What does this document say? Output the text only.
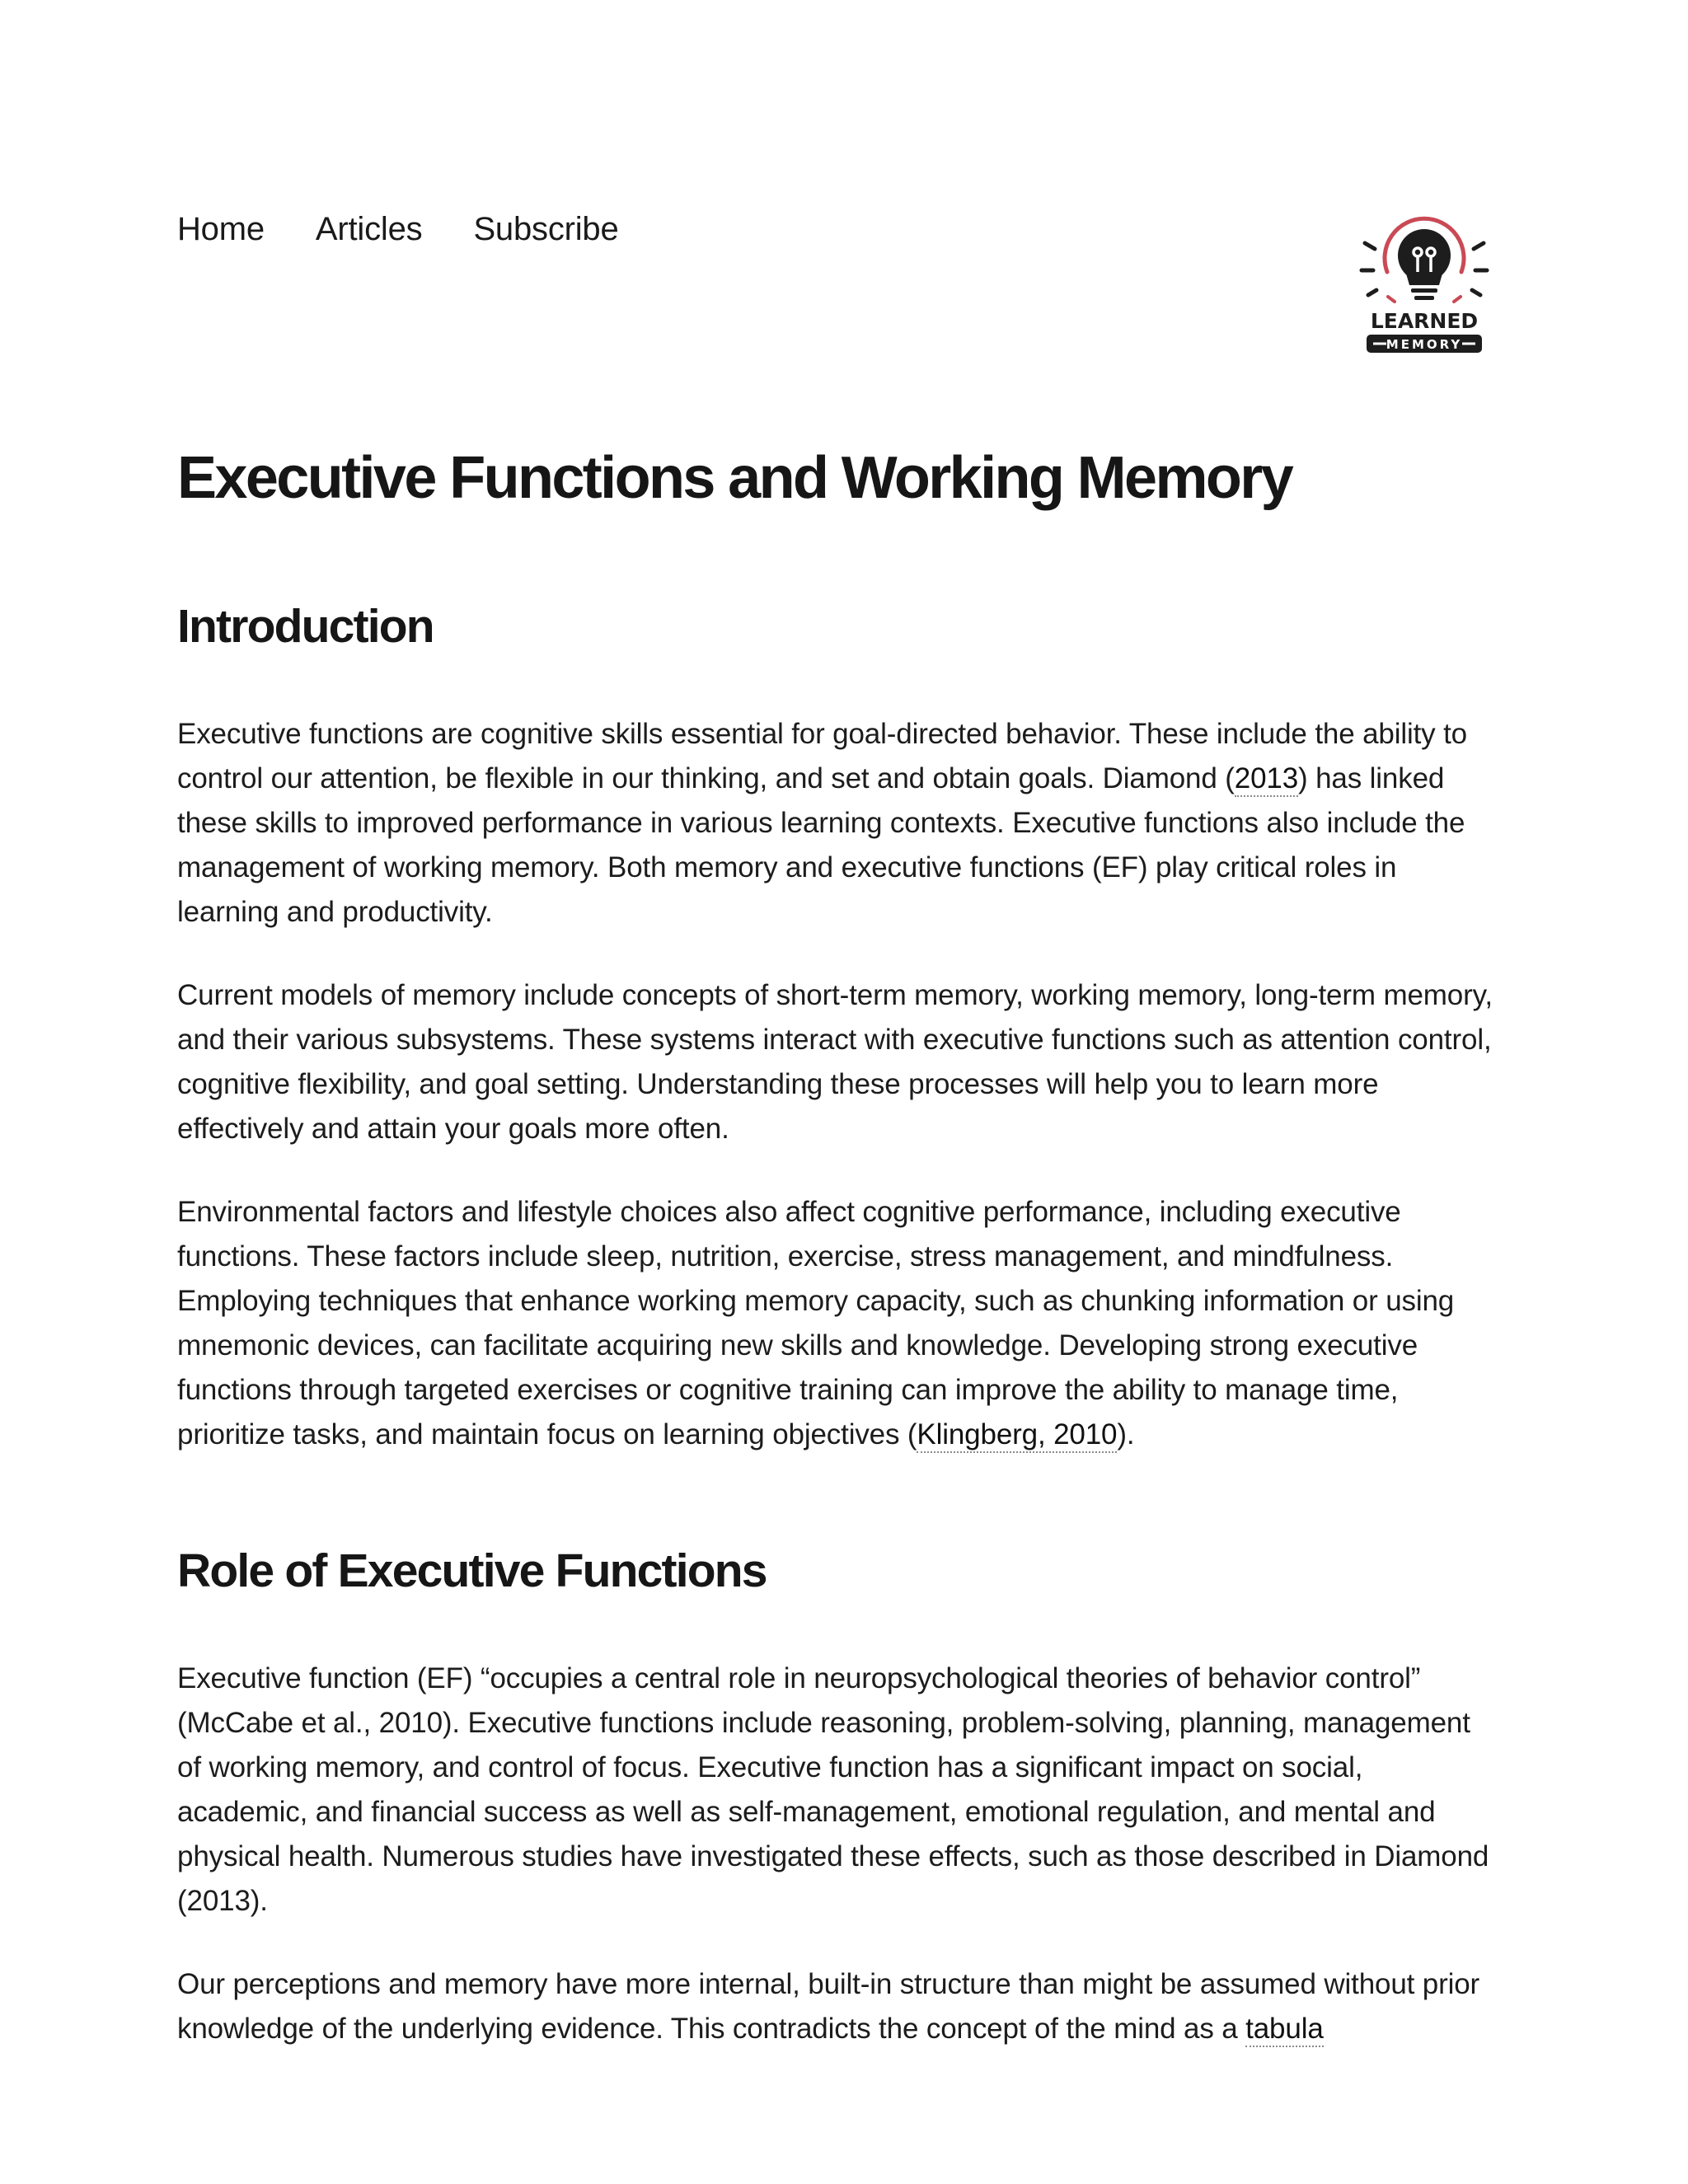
Home Articles Subscribe
LEARNED
MEMORY
Executive Functions and Working Memory
Introduction

Executive functions are cognitive skills essential for goal-directed behavior. These include the ability to control our attention, be flexible in our thinking, and set and obtain goals. Diamond (2013) has linked these skills to improved performance in various learning contexts. Executive functions also include the management of working memory. Both memory and executive functions (EF) play critical roles in learning and productivity.

Current models of memory include concepts of short-term memory, working memory, long-term memory, and their various subsystems. These systems interact with executive functions such as attention control, cognitive flexibility, and goal setting. Understanding these processes will help you to learn more effectively and attain your goals more often.

Environmental factors and lifestyle choices also affect cognitive performance, including executive functions. These factors include sleep, nutrition, exercise, stress management, and mindfulness. Employing techniques that enhance working memory capacity, such as chunking information or using mnemonic devices, can facilitate acquiring new skills and knowledge. Developing strong executive functions through targeted exercises or cognitive training can improve the ability to manage time, prioritize tasks, and maintain focus on learning objectives (Klingberg, 2010).

Role of Executive Functions

Executive function (EF) “occupies a central role in neuropsychological theories of behavior control” (McCabe et al., 2010). Executive functions include reasoning, problem-solving, planning, management of working memory, and control of focus. Executive function has a significant impact on social, academic, and financial success as well as self-management, emotional regulation, and mental and physical health. Numerous studies have investigated these effects, such as those described in Diamond (2013).

Our perceptions and memory have more internal, built-in structure than might be assumed without prior knowledge of the underlying evidence. This contradicts the concept of the mind as a tabula
